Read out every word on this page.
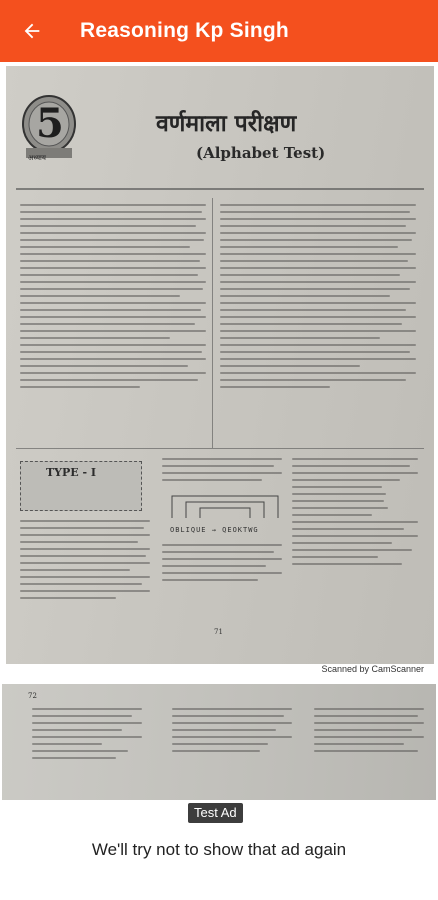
Reasoning Kp Singh
5
अध्याय
वर्णमाला परीक्षण
(Alphabet Test)
TYPE - I
OBLIQUE → QEOKTWG
71
Scanned by CamScanner
72
Test Ad
We'll try not to show that ad again
